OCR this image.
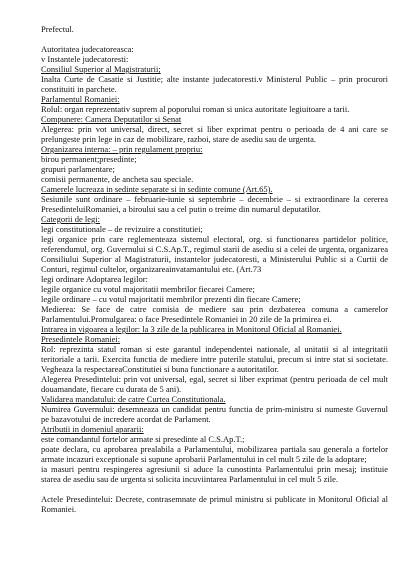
Prefectul.
Autoritatea judecatoreasca:
v Instantele judecatoresti:
Consiliul Superior al Magistraturii;
Inalta Curte de Casatie si Justitie; alte instante judecatoresti.v Ministerul Public – prin procurori constituiti in parchete.
Parlamentul Romaniei:
Rolul: organ reprezentativ suprem al poporului roman si unica autoritate legiuitoare a tarii.
Compunere: Camera Deputatilor si Senat
Alegerea: prin vot universal, direct, secret si liber exprimat pentru o perioada de 4 ani care se prelungeste prin lege in caz de mobilizare, razboi, stare de asediu sau de urgenta.
Organizarea interna: – prin regulament propriu:
birou permanent;presedinte;
grupuri parlamentare;
comisii permanente, de ancheta sau speciale.
Camerele lucreaza in sedinte separate si in sedinte comune (Art.65).
Sesiunile sunt ordinare – februarie-iunie si septembrie – decembrie – si extraordinare la cererea PresedinteluiRomaniei, a biroului sau a cel putin o treime din numarul deputatilor.
Categorii de legi:
legi constitutionale – de revizuire a constitutiei;
legi organice prin care reglementeaza sistemul electoral, org. si functionarea partidelor politice, referendumul, org. Guvernului si C.S.Ap.T., regimul starii de asediu si a celei de urgenta, organizarea Consiliului Superior al Magistraturii, instantelor judecatoresti, a Ministerului Public si a Curtii de Conturi, regimul cultelor, organizareainvatamantului etc. (Art.73
legi ordinare Adoptarea legilor:
legile organice cu votul majoritatii membrilor fiecarei Camere;
legile ordinare – cu votul majoritatii membrilor prezenti din fiecare Camere;
Medierea: Se face de catre comisia de mediere sau prin dezbaterea comuna a camerelor Parlamentului.Promulgarea: o face Presedintele Romaniei in 20 zile de la primirea ei.
Intrarea in vigoarea a legilor: la 3 zile de la publicarea in Monitorul Oficial al Romaniei.
Presedintele Romaniei:
Rol: reprezinta statul roman si este garantul independentei nationale, al unitatii si al integritatii teritoriale a tarii. Exercita functia de mediere intre puterile statului, precum si intre stat si societate. Vegheaza la respectareaConstitutiei si buna functionare a autoritatilor.
Alegerea Presedintelui: prin vot universal, egal, secret si liber exprimat (pentru perioada de cel mult douamandate, fiecare cu durata de 5 ani).
Validarea mandatului: de catre Curtea Constitutionala.
Numirea Guvernului: desemneaza un candidat pentru functia de prim-ministru si numeste Guvernul pe bazavotului de incredere acordat de Parlament.
Atributii in domeniul apararii:
este comandantul fortelor armate si presedinte al C.S.Ap.T.;
poate declara, cu aprobarea prealabila a Parlamentului, mobilizarea partiala sau generala a fortelor armate incazuri exceptionale si supune aprobarii Parlamentului in cel mult 5 zile de la adoptare;
ia masuri pentru respingerea agresiunii si aduce la cunostinta Parlamentului prin mesaj; instituie starea de asediu sau de urgenta si solicita incuviintarea Parlamentului in cel mult 5 zile.
Actele Presedintelui: Decrete, contrasemnate de primul ministru si publicate in Monitorul Oficial al Romaniei.
